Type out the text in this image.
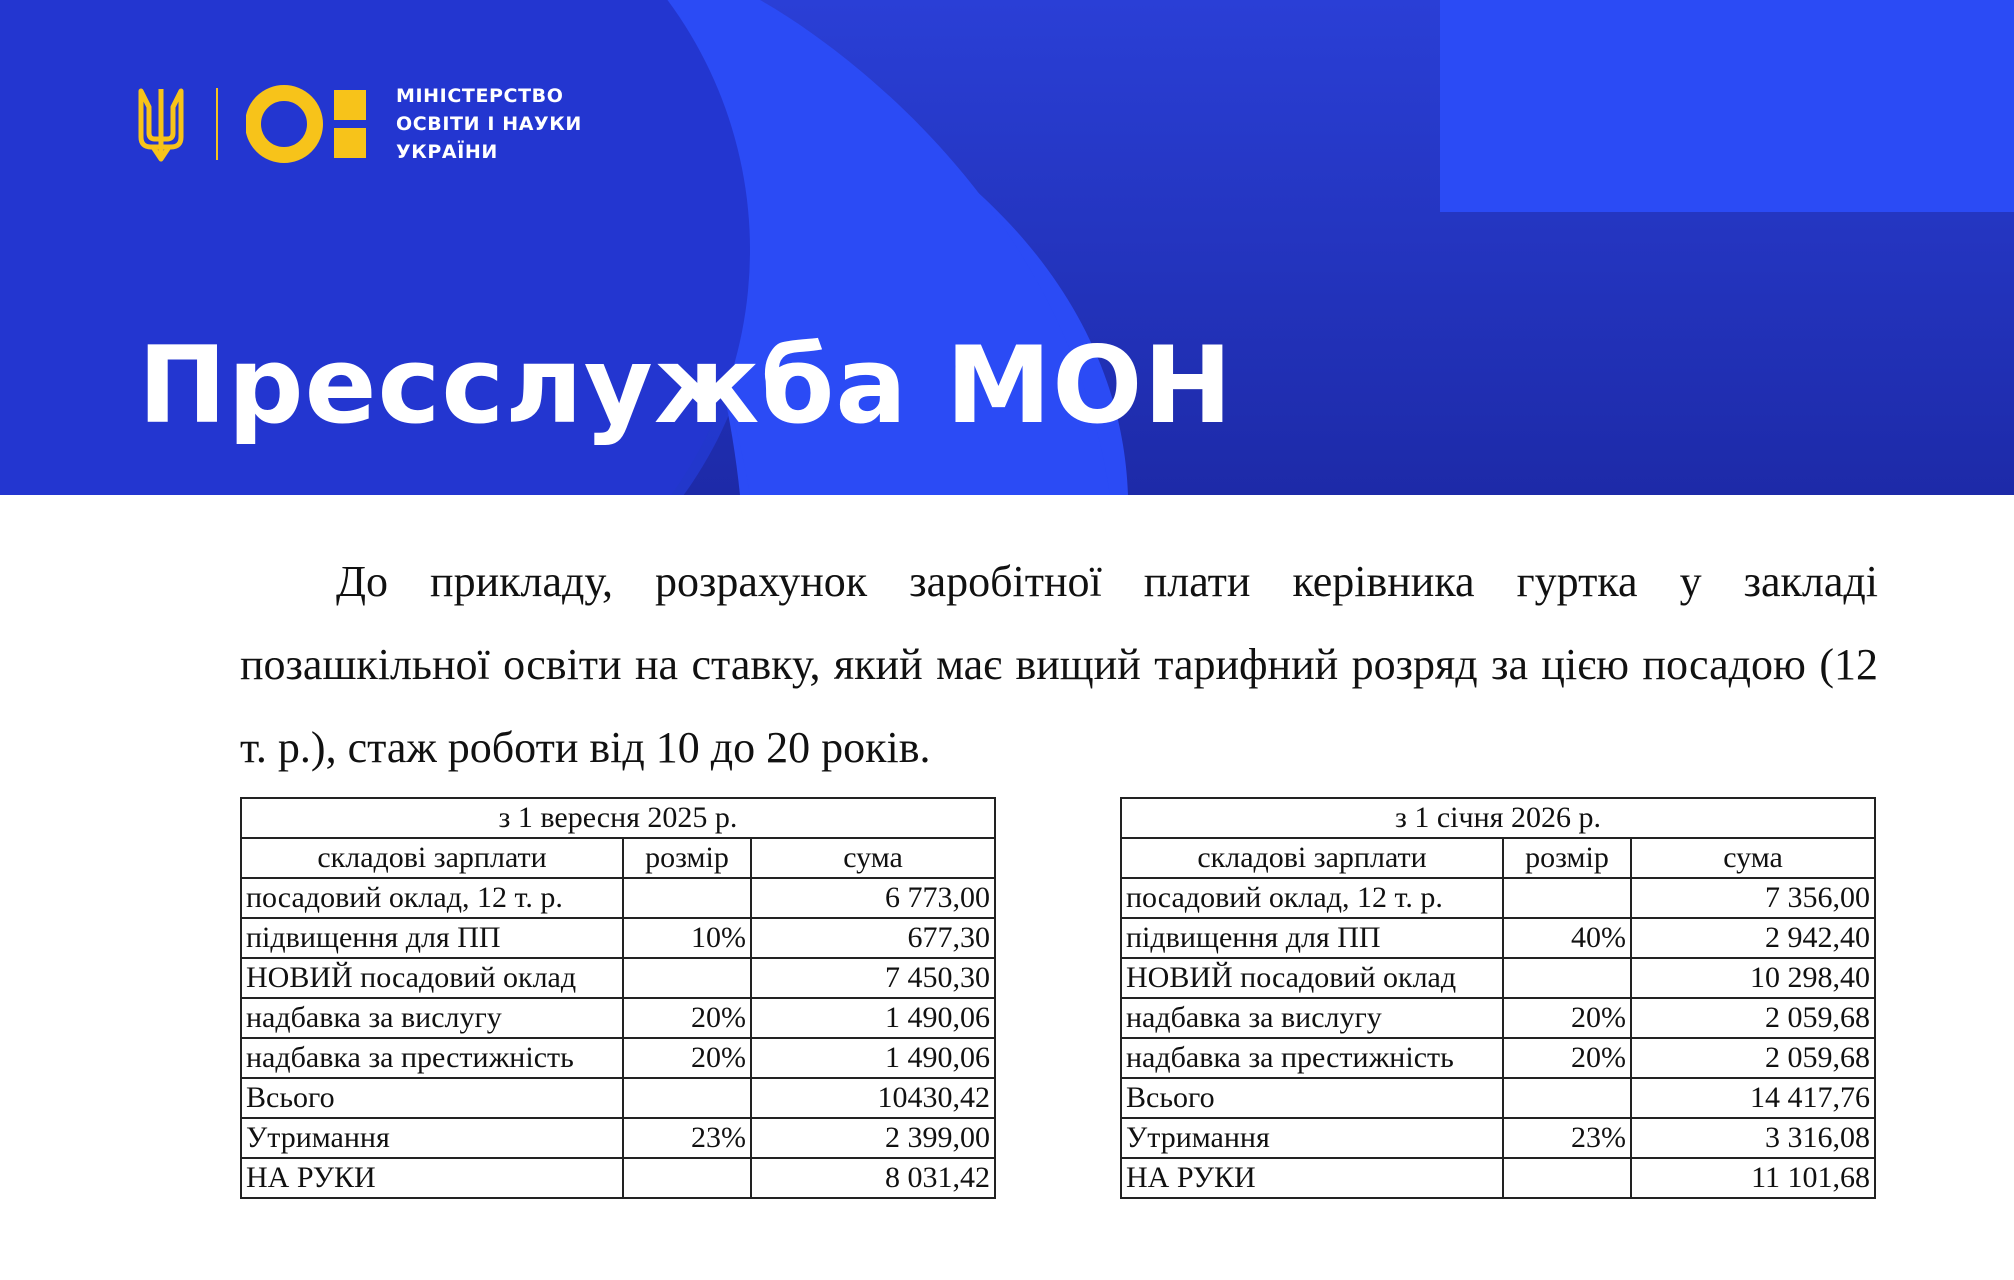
МІНІСТЕРСТВО
ОСВІТИ І НАУКИ
УКРАЇНИ
Пресслужба МОН
До прикладу, розрахунок заробітної плати керівника гуртка у закладі позашкільної освіти на ставку, який має вищий тарифний розряд за цією посадою (12 т. р.), стаж роботи від 10 до 20 років.
з 1 вересня 2025 р.		
складові зарплати	розмір	сума
посадовий оклад, 12 т. р.		6 773,00
підвищення для ПП	10%	677,30
НОВИЙ посадовий оклад		7 450,30
надбавка за вислугу	20%	1 490,06
надбавка за престижність	20%	1 490,06
Всього		10430,42
Утримання	23%	2 399,00
НА РУКИ		8 031,42
з 1 січня 2026 р.		
складові зарплати	розмір	сума
посадовий оклад, 12 т. р.		7 356,00
підвищення для ПП	40%	2 942,40
НОВИЙ посадовий оклад		10 298,40
надбавка за вислугу	20%	2 059,68
надбавка за престижність	20%	2 059,68
Всього		14 417,76
Утримання	23%	3 316,08
НА РУКИ		11 101,68
